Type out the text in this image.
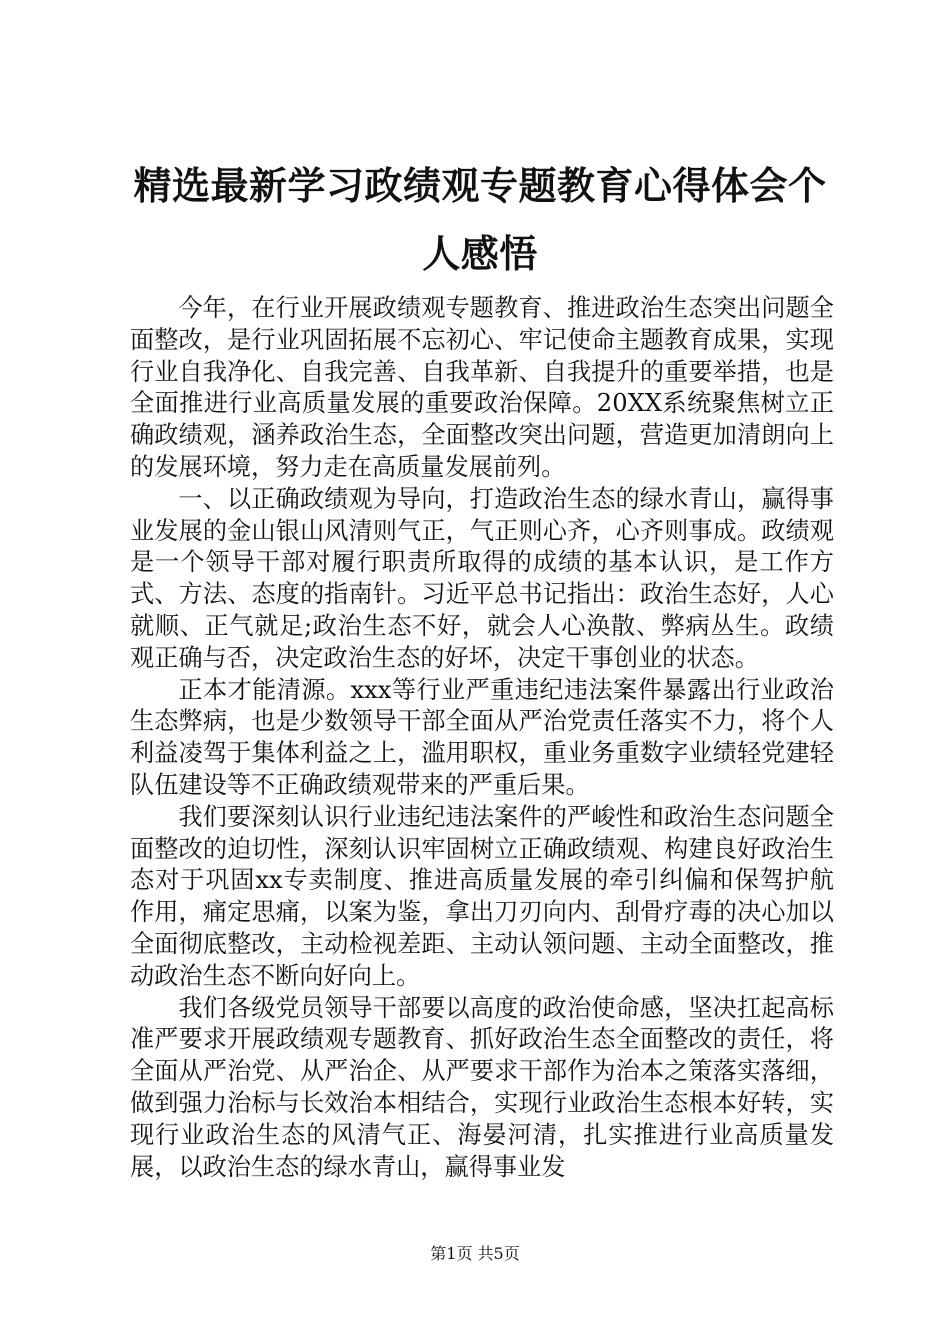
精选最新学习政绩观专题教育心得体会个人感悟

今年，在行业开展政绩观专题教育、推进政治生态突出问题全面整改，是行业巩固拓展不忘初心、牢记使命主题教育成果，实现行业自我净化、自我完善、自我革新、自我提升的重要举措，也是全面推进行业高质量发展的重要政治保障。20XX系统聚焦树立正确政绩观，涵养政治生态，全面整改突出问题，营造更加清朗向上的发展环境，努力走在高质量发展前列。

一、以正确政绩观为导向，打造政治生态的绿水青山，赢得事业发展的金山银山风清则气正，气正则心齐，心齐则事成。政绩观是一个领导干部对履行职责所取得的成绩的基本认识，是工作方式、方法、态度的指南针。习近平总书记指出：政治生态好，人心就顺、正气就足;政治生态不好，就会人心涣散、弊病丛生。政绩观正确与否，决定政治生态的好坏，决定干事创业的状态。

正本才能清源。xxx等行业严重违纪违法案件暴露出行业政治生态弊病，也是少数领导干部全面从严治党责任落实不力，将个人利益凌驾于集体利益之上，滥用职权，重业务重数字业绩轻党建轻队伍建设等不正确政绩观带来的严重后果。

我们要深刻认识行业违纪违法案件的严峻性和政治生态问题全面整改的迫切性，深刻认识牢固树立正确政绩观、构建良好政治生态对于巩固xx专卖制度、推进高质量发展的牵引纠偏和保驾护航作用，痛定思痛，以案为鉴，拿出刀刃向内、刮骨疗毒的决心加以全面彻底整改，主动检视差距、主动认领问题、主动全面整改，推动政治生态不断向好向上。

我们各级党员领导干部要以高度的政治使命感，坚决扛起高标准严要求开展政绩观专题教育、抓好政治生态全面整改的责任，将全面从严治党、从严治企、从严要求干部作为治本之策落实落细，做到强力治标与长效治本相结合，实现行业政治生态根本好转，实现行业政治生态的风清气正、海晏河清，扎实推进行业高质量发展，以政治生态的绿水青山，赢得事业发

第1页 共5页
